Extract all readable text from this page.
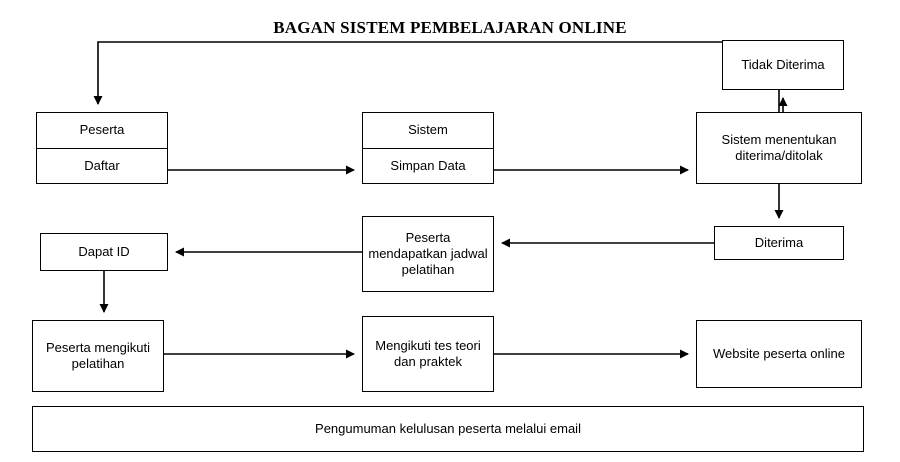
BAGAN SISTEM PEMBELAJARAN ONLINE
Peserta
Daftar
Sistem
Simpan Data
Sistem menentukan diterima/ditolak
Tidak Diterima
Diterima
Peserta mendapatkan jadwal pelatihan
Dapat ID
Peserta mengikuti pelatihan
Mengikuti tes teori dan praktek
Website peserta online
Pengumuman kelulusan peserta melalui email
